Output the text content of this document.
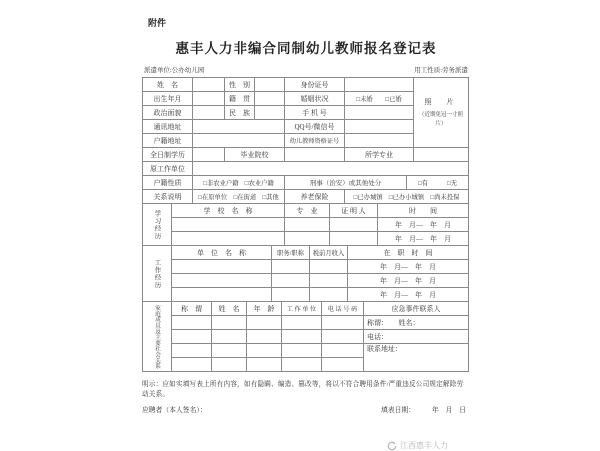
附件
惠丰人力非编合同制幼儿教师报名登记表
派遣单位:公办幼儿园	用工性质:劳务派遣
姓　名		性　别		身份证号		照　片
（近期免冠一寸照片）

出生年月		籍　贯		婚姻状况	□未婚　　□已婚	
政治面貌		民　族		手 机 号		
通讯地址				QQ号/微信号		
户籍地址				幼儿教师资格证号		
全日制学历		毕业院校			所学专业	
原工作单位	
户籍性质	□非农业户籍　□农业户籍	刑事（治安）或其他处分		□有　　　□无
关系说明	□在原单位　□在街道　□其他	养老保险	□已办城镇　□已办小城镇　□尚未投保	
学习经历	学　校　名　称	专　业	证 明 人	时　　间
				年　月—　年　月
				年　月—　年　月
工作经历	单　位　名　称	职务/职称	税前月收入	在　职　时　间
				年　月—　年　月
				年　月—　年　月
				年　月—　年　月
家庭成员及主要社会关系	称　谓	姓　名	年　龄	工 作 单 位	电 话 号 码	应急事件联系人
						称谓：　　姓名：
						电话：
						联系地址：

明示：应如实填写表上所有内容，如有隐瞒、编造、篡改等，将以不符合聘用条件/严重违反公司规定解除劳动关系。
应聘者（本人签名）：	填表日期：　　　年　月　日
江西惠丰人力
